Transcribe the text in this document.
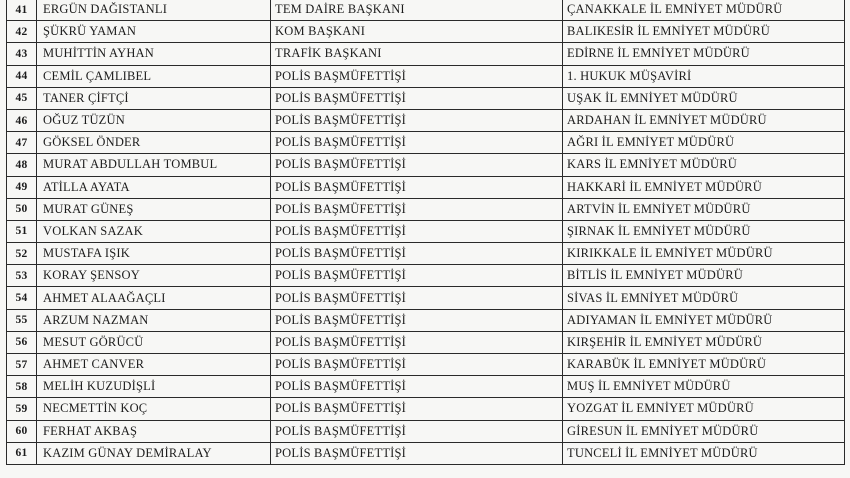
41	ERGÜN DAĞISTANLI	TEM DAİRE BAŞKANI	ÇANAKKALE İL EMNİYET MÜDÜRÜ
42	ŞÜKRÜ YAMAN	KOM BAŞKANI	BALIKESİR İL EMNİYET MÜDÜRÜ
43	MUHİTTİN AYHAN	TRAFİK BAŞKANI	EDİRNE İL EMNİYET MÜDÜRÜ
44	CEMİL ÇAMLIBEL	POLİS BAŞMÜFETTİŞİ	1. HUKUK MÜŞAVİRİ
45	TANER ÇİFTÇİ	POLİS BAŞMÜFETTİŞİ	UŞAK İL EMNİYET MÜDÜRÜ
46	OĞUZ TÜZÜN	POLİS BAŞMÜFETTİŞİ	ARDAHAN İL EMNİYET MÜDÜRÜ
47	GÖKSEL ÖNDER	POLİS BAŞMÜFETTİŞİ	AĞRI İL EMNİYET MÜDÜRÜ
48	MURAT ABDULLAH TOMBUL	POLİS BAŞMÜFETTİŞİ	KARS İL EMNİYET MÜDÜRÜ
49	ATİLLA AYATA	POLİS BAŞMÜFETTİŞİ	HAKKARİ İL EMNİYET MÜDÜRÜ
50	MURAT GÜNEŞ	POLİS BAŞMÜFETTİŞİ	ARTVİN İL EMNİYET MÜDÜRÜ
51	VOLKAN SAZAK	POLİS BAŞMÜFETTİŞİ	ŞIRNAK İL EMNİYET MÜDÜRÜ
52	MUSTAFA IŞIK	POLİS BAŞMÜFETTİŞİ	KIRIKKALE İL EMNİYET MÜDÜRÜ
53	KORAY ŞENSOY	POLİS BAŞMÜFETTİŞİ	BİTLİS İL EMNİYET MÜDÜRÜ
54	AHMET ALAAĞAÇLI	POLİS BAŞMÜFETTİŞİ	SİVAS İL EMNİYET MÜDÜRÜ
55	ARZUM NAZMAN	POLİS BAŞMÜFETTİŞİ	ADIYAMAN İL EMNİYET MÜDÜRÜ
56	MESUT GÖRÜCÜ	POLİS BAŞMÜFETTİŞİ	KIRŞEHİR İL EMNİYET MÜDÜRÜ
57	AHMET CANVER	POLİS BAŞMÜFETTİŞİ	KARABÜK İL EMNİYET MÜDÜRÜ
58	MELİH KUZUDİŞLİ	POLİS BAŞMÜFETTİŞİ	MUŞ İL EMNİYET MÜDÜRÜ
59	NECMETTİN KOÇ	POLİS BAŞMÜFETTİŞİ	YOZGAT İL EMNİYET MÜDÜRÜ
60	FERHAT AKBAŞ	POLİS BAŞMÜFETTİŞİ	GİRESUN İL EMNİYET MÜDÜRÜ
61	KAZIM GÜNAY DEMİRALAY	POLİS BAŞMÜFETTİŞİ	TUNCELİ İL EMNİYET MÜDÜRÜ
